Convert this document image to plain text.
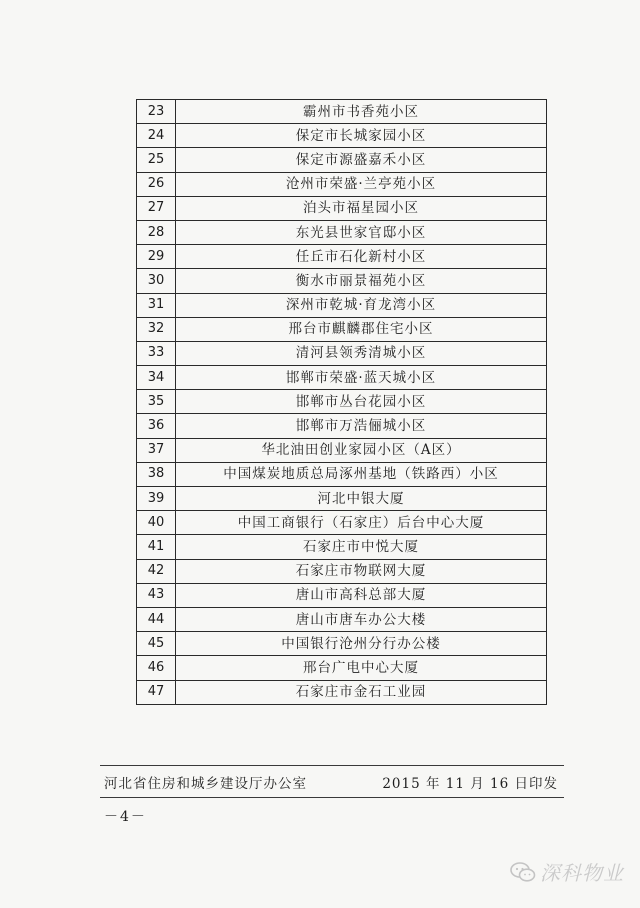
23	霸州市书香苑小区
24	保定市长城家园小区
25	保定市源盛嘉禾小区
26	沧州市荣盛·兰亭苑小区
27	泊头市福星园小区
28	东光县世家官邸小区
29	任丘市石化新村小区
30	衡水市丽景福苑小区
31	深州市乾城·育龙湾小区
32	邢台市麒麟郡住宅小区
33	清河县领秀清城小区
34	邯郸市荣盛·蓝天城小区
35	邯郸市丛台花园小区
36	邯郸市万浩俪城小区
37	华北油田创业家园小区（A区）
38	中国煤炭地质总局涿州基地（铁路西）小区
39	河北中银大厦
40	中国工商银行（石家庄）后台中心大厦
41	石家庄市中悦大厦
42	石家庄市物联网大厦
43	唐山市高科总部大厦
44	唐山市唐车办公大楼
45	中国银行沧州分行办公楼
46	邢台广电中心大厦
47	石家庄市金石工业园
河北省住房和城乡建设厅办公室	2015 年 11 月 16 日印发
－4－
深科物业
